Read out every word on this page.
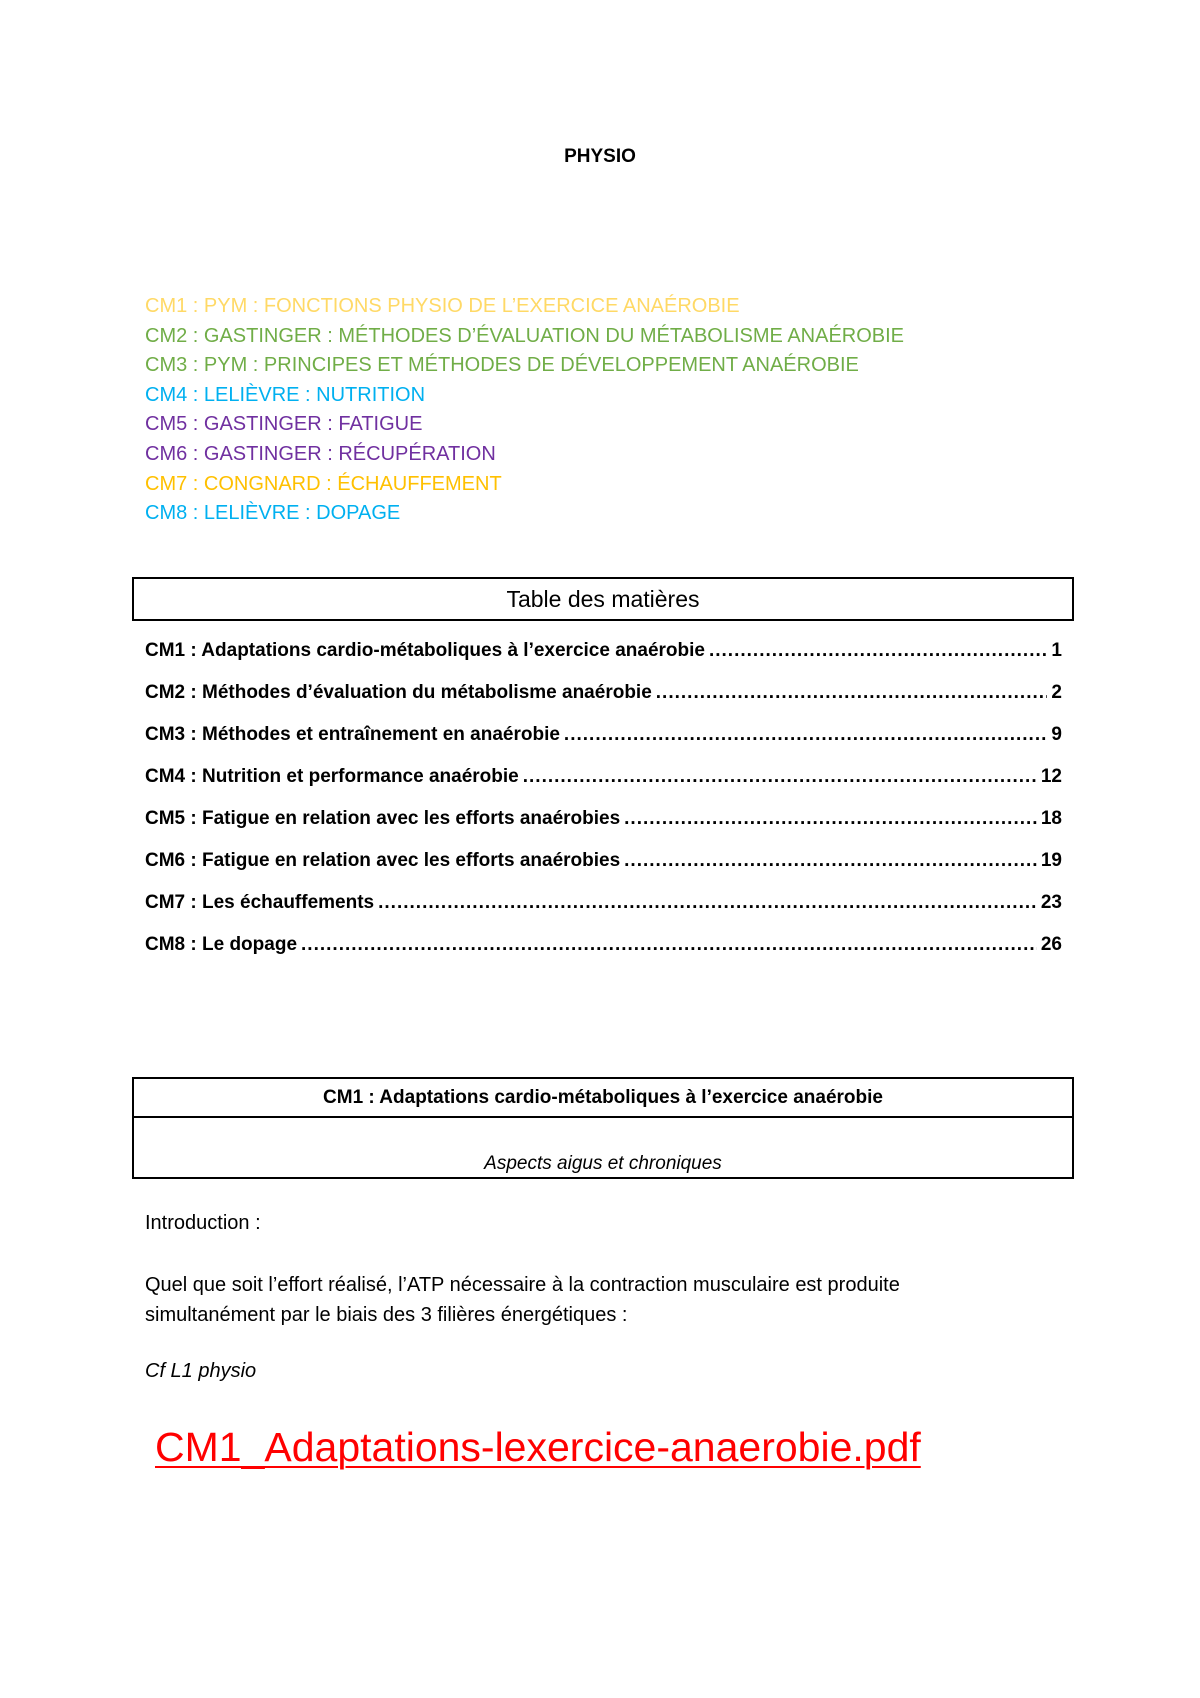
PHYSIO
CM1 : PYM : FONCTIONS PHYSIO DE L’EXERCICE ANAÉROBIE
CM2 : GASTINGER : MÉTHODES D’ÉVALUATION DU MÉTABOLISME ANAÉROBIE
CM3 : PYM : PRINCIPES ET MÉTHODES DE DÉVELOPPEMENT ANAÉROBIE
CM4 : LELIÈVRE : NUTRITION
CM5 : GASTINGER : FATIGUE
CM6 : GASTINGER : RÉCUPÉRATION
CM7 : CONGNARD : ÉCHAUFFEMENT
CM8 : LELIÈVRE : DOPAGE
Table des matières
CM1 : Adaptations cardio-métaboliques à l’exercice anaérobie .....	1
CM2 : Méthodes d’évaluation du métabolisme anaérobie .....	2
CM3 : Méthodes et entraînement en anaérobie .....	9
CM4 : Nutrition et performance anaérobie .....	12
CM5 : Fatigue en relation avec les efforts anaérobies .....	18
CM6 : Fatigue en relation avec les efforts anaérobies .....	19
CM7 : Les échauffements .....	23
CM8 : Le dopage .....	26
CM1 : Adaptations cardio-métaboliques à l’exercice anaérobie
Aspects aigus et chroniques
Introduction :
Quel que soit l’effort réalisé, l’ATP nécessaire à la contraction musculaire est produite simultanément par le biais des 3 filières énergétiques :
Cf L1 physio
CM1_Adaptations-lexercice-anaerobie.pdf
